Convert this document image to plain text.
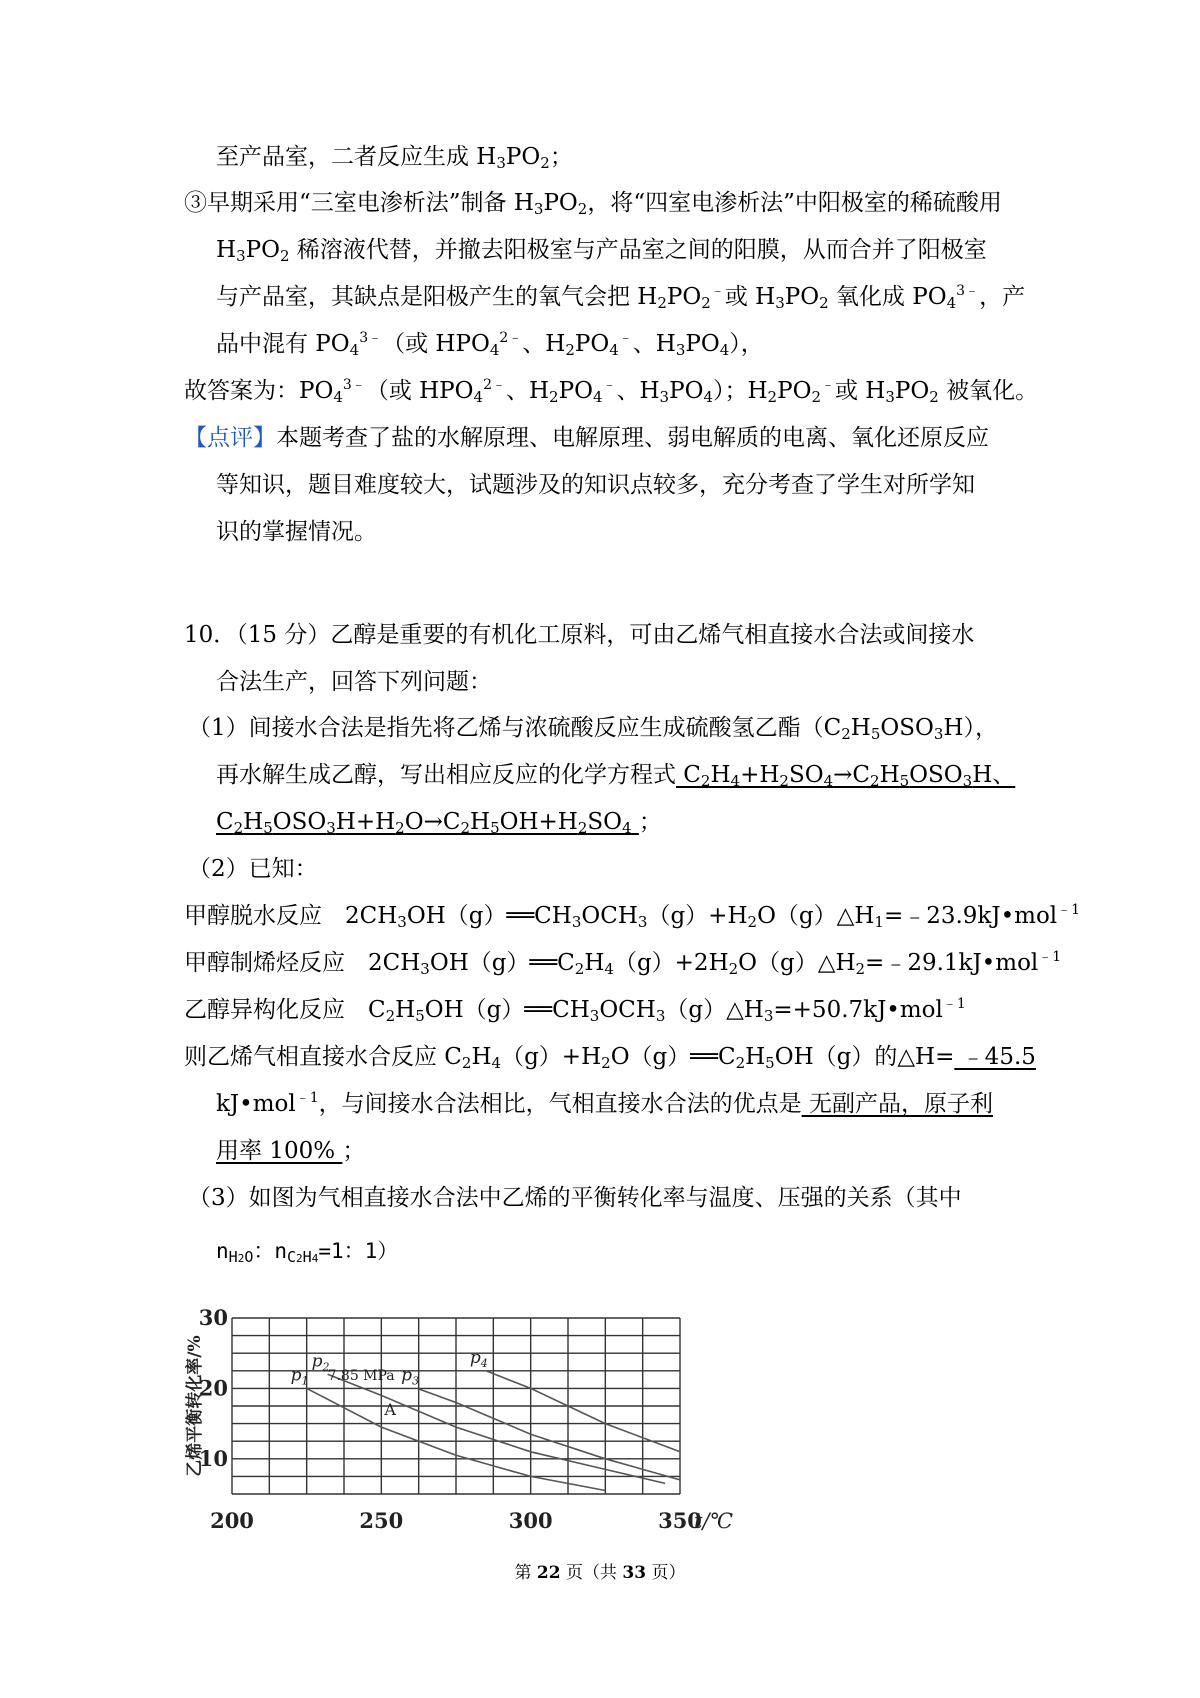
至产品室，二者反应生成 $H_3PO_2$；
③早期采用“三室电渗析法”制备 $H_3PO_2$，将“四室电渗析法”中阳极室的稀硫酸用
$H_3PO_2$ 稀溶液代替，并撤去阳极室与产品室之间的阳膜，从而合并了阳极室
与产品室，其缺点是阳极产生的氧气会把 $H_2PO_2^﹣$或 $H_3PO_2$ 氧化成 $PO_4^{3﹣}$，产
品中混有 $PO_4^{3﹣}$（或 $HPO_4^{2﹣}$、$H_2PO_4^﹣$、$H_3PO_4$），
故答案为：$PO_4^{3﹣}$（或 $HPO_4^{2﹣}$、$H_2PO_4^﹣$、$H_3PO_4$）；$H_2PO_2^﹣$或 $H_3PO_2$ 被氧化。
【点评】本题考查了盐的水解原理、电解原理、弱电解质的电离、氧化还原反应
等知识，题目难度较大，试题涉及的知识点较多，充分考查了学生对所学知
识的掌握情况。
10．（15 分）乙醇是重要的有机化工原料，可由乙烯气相直接水合法或间接水
合法生产，回答下列问题：
（1）间接水合法是指先将乙烯与浓硫酸反应生成硫酸氢乙酯$(C_2H_5OSO_3H)$，
再水解生成乙醇，写出相应反应的化学方程式 $C_2H_4+H_2SO_4\to C_2H_5OSO_3H$、
$C_2H_5OSO_3H+H_2O\to C_2H_5OH+H_2SO_4$ ；
（2）已知：
甲醇脱水反应　$2CH_3OH(g)══CH_3OCH_3(g)+H_2O(g)\triangle H_1=﹣23.9kJ•mol^{﹣1}$
甲醇制烯烃反应　$2CH_3OH(g)══C_2H_4(g)+2H_2O(g)\triangle H_2=﹣29.1kJ•mol^{﹣1}$
乙醇异构化反应　$C_2H_5OH(g)══CH_3OCH_3(g)\triangle H_3=+50.7kJ•mol^{﹣1}$
则乙烯气相直接水合反应 $C_2H_4(g)+H_2O(g)══C_2H_5OH(g)$的△H= ﹣45.5
kJ•mol$^{﹣1}$，与间接水合法相比，气相直接水合法的优点是 无副产品，原子利
用率 100% ；
（3）如图为气相直接水合法中乙烯的平衡转化率与温度、压强的关系（其中
$n_{H2O}$：$n_{C2H4}=1$：1）
200	250	300	350
30
20
10
t/℃
乙烯平衡转化率/%	$p_1$
$p_2$	$p_3$
$p_4$
7.85 MPa
A
第 22 页（共 33 页）
